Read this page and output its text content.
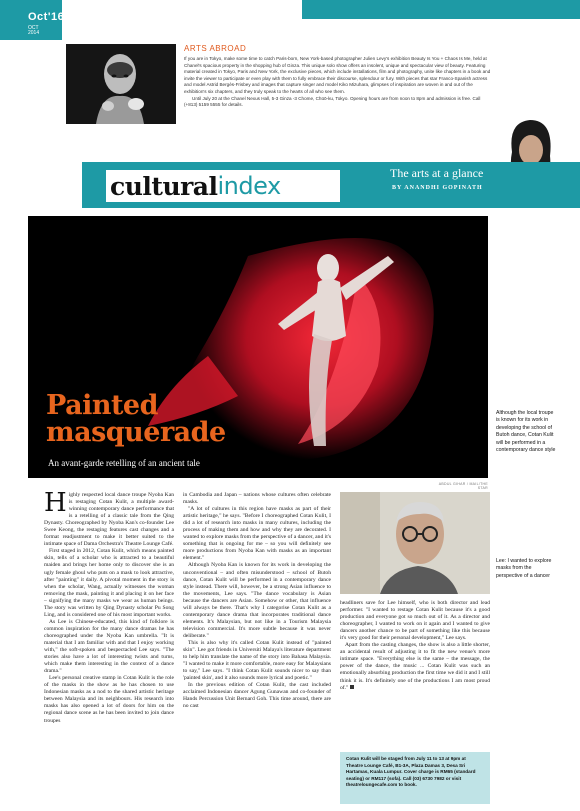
Oct'16
OCT
2014
ARTS ABROAD

If you are in Tokyo, make some time to catch Paris-born, New York-based photographer Julien Levy's exhibition Beauty Is You + Chaos Is Me, held at Chanel's spacious property in the shopping hub of Ginza. This unique solo show offers an insolent, unique and spectacular view of beauty. Featuring material created in Tokyo, Paris and New York, the exclusive pieces, which include installations, film and photography, unite like chapters in a book and invite the viewer to participate or even play with them to fully embrace their discourse, splendour or fury. With pieces that star Franco-Spanish actress and model Astrid Bergès-Frisbey and images that capture singer and model Kiko Mizuhara, glimpses of inspiration are woven in and out of the exhibition's six chapters, and they truly speak to the hearts of all who see them.
Until July 20 at the Chanel Nexus Hall, 5-3 Ginza -3 Chome, Chūō-ku, Tokyo. Opening hours are from noon to 8pm and admission is free. Call (+813) 5159 5555 for details.

cultural index	The arts at a glance
BY ANANDHI GOPINATH
Painted
masquerade
An avant-garde retelling of an ancient tale
ABDUL GIHAR / MAIL/THE STAR

Although the local troupe is known for its work in developing the school of Butoh dance, Cotan Kulit will be performed in a contemporary dance style

Highly respected local dance troupe Nyoba Kan is restaging Cotan Kulit, a multiple award-winning contemporary dance performance that is a retelling of a classic tale from the Qing Dynasty. Choreographed by Nyoba Kan's co-founder Lee Swee Keong, the restaging features cast changes and a format readjustment to make it better suited to the intimate space of Dama Orchestra's Theatre Lounge Café.

First staged in 2012, Cotan Kulit, which means painted skin, tells of a scholar who is attracted to a beautiful maiden and brings her home only to discover she is an ugly female ghoul who puts on a mask to look attractive, after "painting" it daily. A pivotal moment in the story is when the scholar, Wang, actually witnesses the woman removing the mask, painting it and placing it on her face – signifying the many masks we wear as human beings. The story was written by Qing Dynasty scholar Pu Song Ling, and is considered one of his most important works.

As Lee is Chinese-educated, this kind of folklore is common inspiration for the many dance dramas he has choreographed under the Nyoba Kan umbrella. "It is material that I am familiar with and that I enjoy working with," the soft-spoken and bespectacled Lee says. "The stories also have a lot of interesting twists and turns, which make them interesting in the context of a dance drama."

Lee's personal creative stamp in Cotan Kulit is the role of the masks in the show as he has chosen to use Indonesian masks as a nod to the shared artistic heritage between Malaysia and its neighbours. His research into masks has also opened a lot of doors for him on the regional dance scene as he has been invited to join dance troupes

in Cambodia and Japan – nations whose cultures often celebrate masks.

"A lot of cultures in this region have masks as part of their artistic heritage," he says. "Before I choreographed Cotan Kulit, I did a lot of research into masks in many cultures, including the process of making them and how and why they are decorated. I wanted to explore masks from the perspective of a dancer, and it's something that is ongoing for me – so you will definitely see more productions from Nyoba Kan with masks as an important element."

Although Nyoba Kan is known for its work in developing the unconventional – and often misunderstood – school of Butoh dance, Cotan Kulit will be performed in a contemporary dance style instead. There will, however, be a strong Asian influence to the movements, Lee says. "The dance vocabulary is Asian because the dancers are Asian. Somehow or other, that influence will always be there. That's why I categorise Cotan Kulit as a contemporary dance drama that incorporates traditional dance elements. It's Malaysian, but not like in a Tourism Malaysia television commercial. It's more subtle because it was never deliberate."

This is also why it's called Cotan Kulit instead of "painted skin". Lee got friends in Universiti Malaya's literature department to help him translate the name of the story into Bahasa Malaysia. "I wanted to make it more comfortable, more easy for Malaysians to say," Lee says. "I think Cotan Kulit sounds nicer to say than 'painted skin', and it also sounds more lyrical and poetic."

In the previous edition of Cotan Kulit, the cast included acclaimed Indonesian dancer Agung Gunawan and co-founder of Hands Percussion Unit Bernard Goh. This time around, there are no cast

Lee: I wanted to explore masks from the perspective of a dancer

headliners save for Lee himself, who is both director and lead performer. "I wanted to restage Cotan Kulit because it's a good production and everyone got so much out of it. As a director and choreographer, I wanted to work on it again and I wanted to give dancers another chance to be part of something like this because it's very good for their personal development," Lee says.

Apart from the casting changes, the show is also a little shorter, an accidental result of adjusting it to fit the new venue's more intimate space. "Everything else is the same – the message, the power of the dance, the music ... Cotan Kulit was such an emotionally absorbing production the first time we did it and I still think it is. It's definitely one of the productions I am most proud of."

Cotan Kulit will be staged from July 11 to 13 at 9pm at Theatre Lounge Café, B1-3A, Plaza Damas 3, Desa Sri Hartamas, Kuala Lumpur. Cover charge is RM65 (standard seating) or RM117 (sofa). Call (03) 6730 7982 or visit theatreloungecafe.com to book.
